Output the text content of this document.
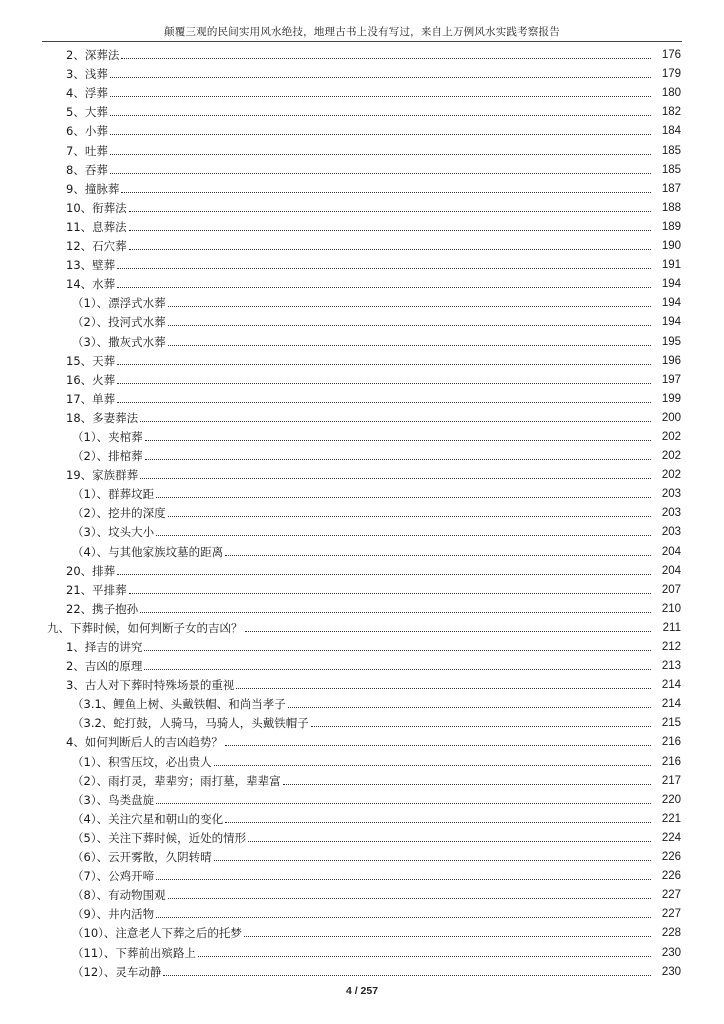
颠覆三观的民间实用风水绝技，地理古书上没有写过，来自上万例风水实践考察报告
2、深葬法	176
3、浅葬	179
4、浮葬	180
5、大葬	182
6、小葬	184
7、吐葬	185
8、吞葬	185
9、撞脉葬	187
10、衔葬法	188
11、息葬法	189
12、石穴葬	190
13、壁葬	191
14、水葬	194
（1）、漂浮式水葬	194
（2）、投河式水葬	194
（3）、撒灰式水葬	195
15、天葬	196
16、火葬	197
17、单葬	199
18、多妻葬法	200
（1）、夹棺葬	202
（2）、排棺葬	202
19、家族群葬	202
（1）、群葬坟距	203
（2）、挖井的深度	203
（3）、坟头大小	203
（4）、与其他家族坟墓的距离	204
20、排葬	204
21、平排葬	207
22、携子抱孙	210
九、下葬时候，如何判断子女的吉凶？	211
1、择吉的讲究	212
2、吉凶的原理	213
3、古人对下葬时特殊场景的重视	214
（3.1、鲤鱼上树、头戴铁帽、和尚当孝子	214
（3.2、蛇打鼓，人骑马，马骑人，头戴铁帽子	215
4、如何判断后人的吉凶趋势？	216
（1）、积雪压坟，必出贵人	216
（2）、雨打灵，辈辈穷；雨打墓，辈辈富	217
（3）、鸟类盘旋	220
（4）、关注穴星和朝山的变化	221
（5）、关注下葬时候，近处的情形	224
（6）、云开雾散，久阴转晴	226
（7）、公鸡开啼	226
（8）、有动物围观	227
（9）、井内活物	227
（10）、注意老人下葬之后的托梦	228
（11）、下葬前出殡路上	230
（12）、灵车动静	230
4 / 257
